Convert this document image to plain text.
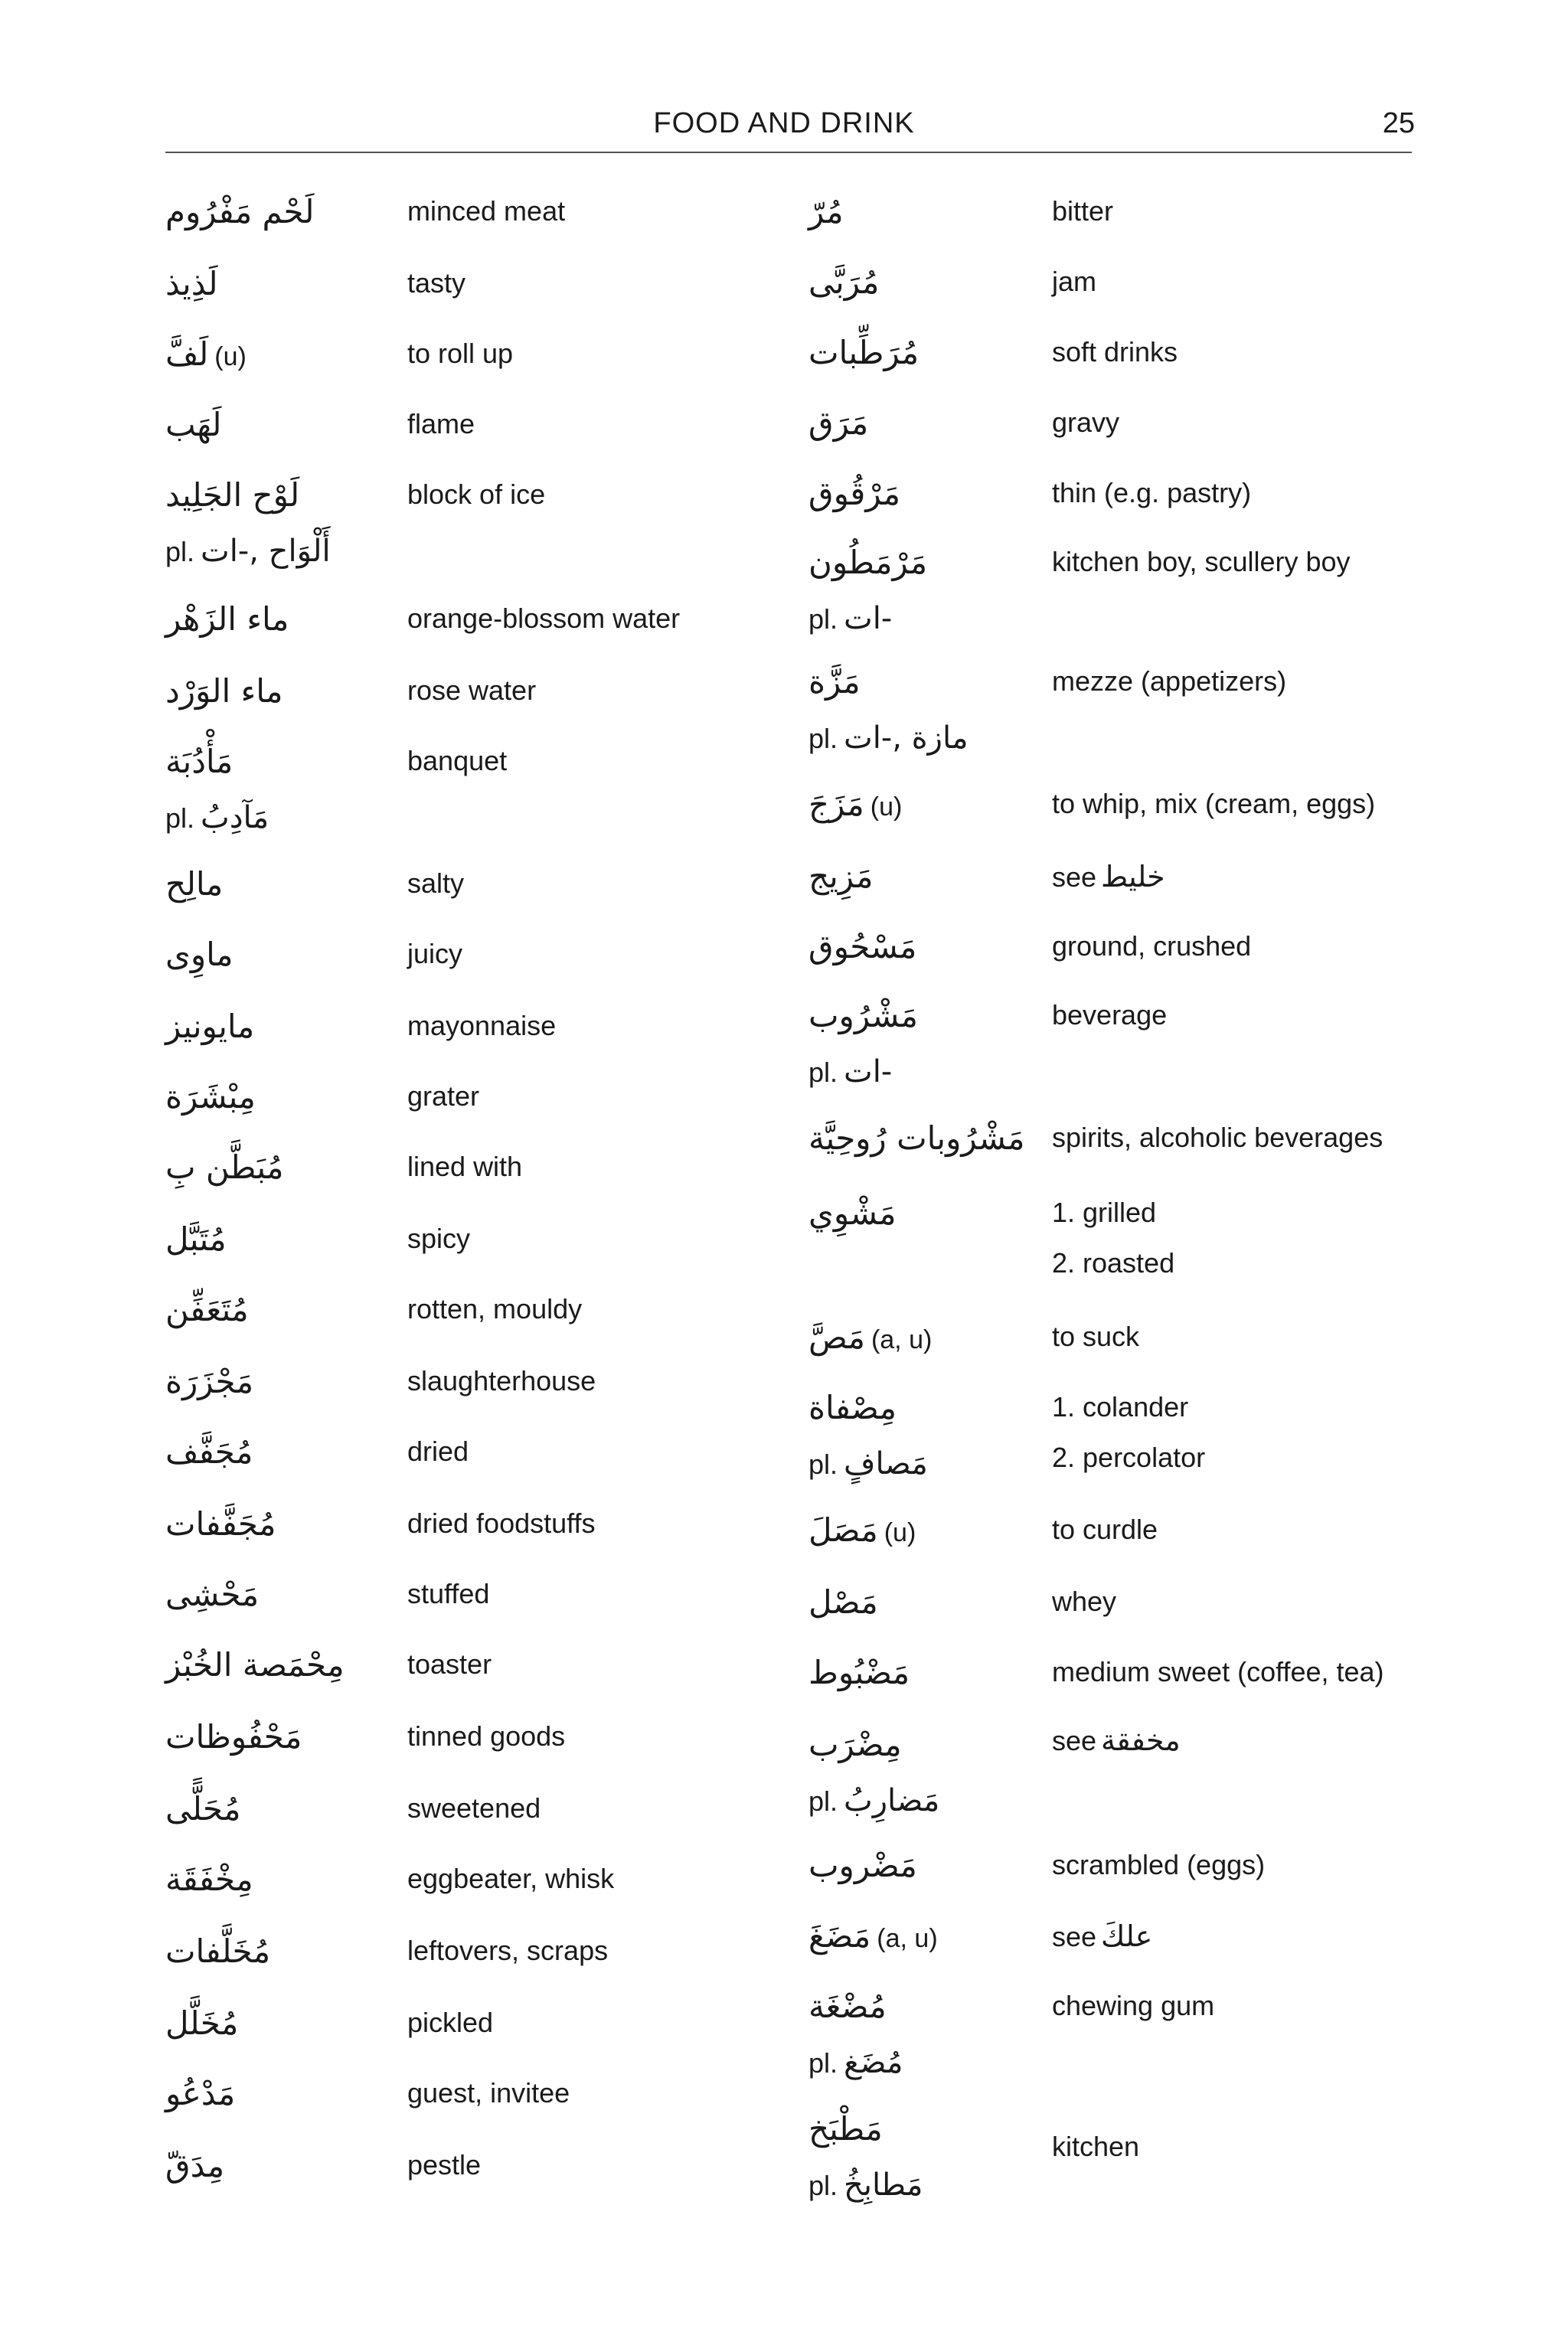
FOOD AND DRINK	25
لَحْم مَفْرُوم	minced meat
لَذِيذ	tasty
لَفَّ (u)	to roll up
لَهَب	flame
لَوْح الجَلِيد	block of ice
pl. أَلْوَاح ,-ات
ماء الزَهْر	orange-blossom water
ماء الوَرْد	rose water
مَأْدُبَة	banquet
pl. مَآدِبُ
مالِح	salty
ماوِى	juicy
مايونيز	mayonnaise
مِبْشَرَة	grater
مُبَطَّن بِ	lined with
مُتَبَّل	spicy
مُتَعَفِّن	rotten, mouldy
مَجْزَرَة	slaughterhouse
مُجَفَّف	dried
مُجَفَّفات	dried foodstuffs
مَحْشِى	stuffed
مِحْمَصة الخُبْز toaster
مَحْفُوظات	tinned goods
مُحَلًّى	sweetened
مِخْفَقَة	eggbeater, whisk
مُخَلَّفات	leftovers, scraps
مُخَلَّل	pickled
مَدْعُو	guest, invitee
مِدَقّ	pestle
مُرّ	bitter
مُرَبَّى	jam
مُرَطِّبات	soft drinks
مَرَق	gravy
مَرْقُوق	thin (e.g. pastry)
مَرْمَطُون	kitchen boy, scullery boy
pl. -ات
مَزَّة	mezze (appetizers)
pl. مازة ,-ات
مَزَجَ (u)	to whip, mix (cream, eggs)
مَزِيج	see خليط
مَسْحُوق	ground, crushed
مَشْرُوب	beverage
pl. -ات
مَشْرُوبات رُوحِيَّة spirits, alcoholic beverages
مَشْوِي	1. grilled
2. roasted
مَصَّ (a, u)	to suck
مِصْفاة	1. colander
2. percolator
pl. مَصافٍ
مَصَلَ (u)	to curdle
مَصْل	whey
مَضْبُوط	medium sweet (coffee, tea)
مِضْرَب	see مخفقة
pl. مَضارِبُ
مَضْروب	scrambled (eggs)
مَضَغَ (a, u)	see علكَ
مُضْغَة	chewing gum
pl. مُضَغ
مَطْبَخ	kitchen
pl. مَطابِخُ
